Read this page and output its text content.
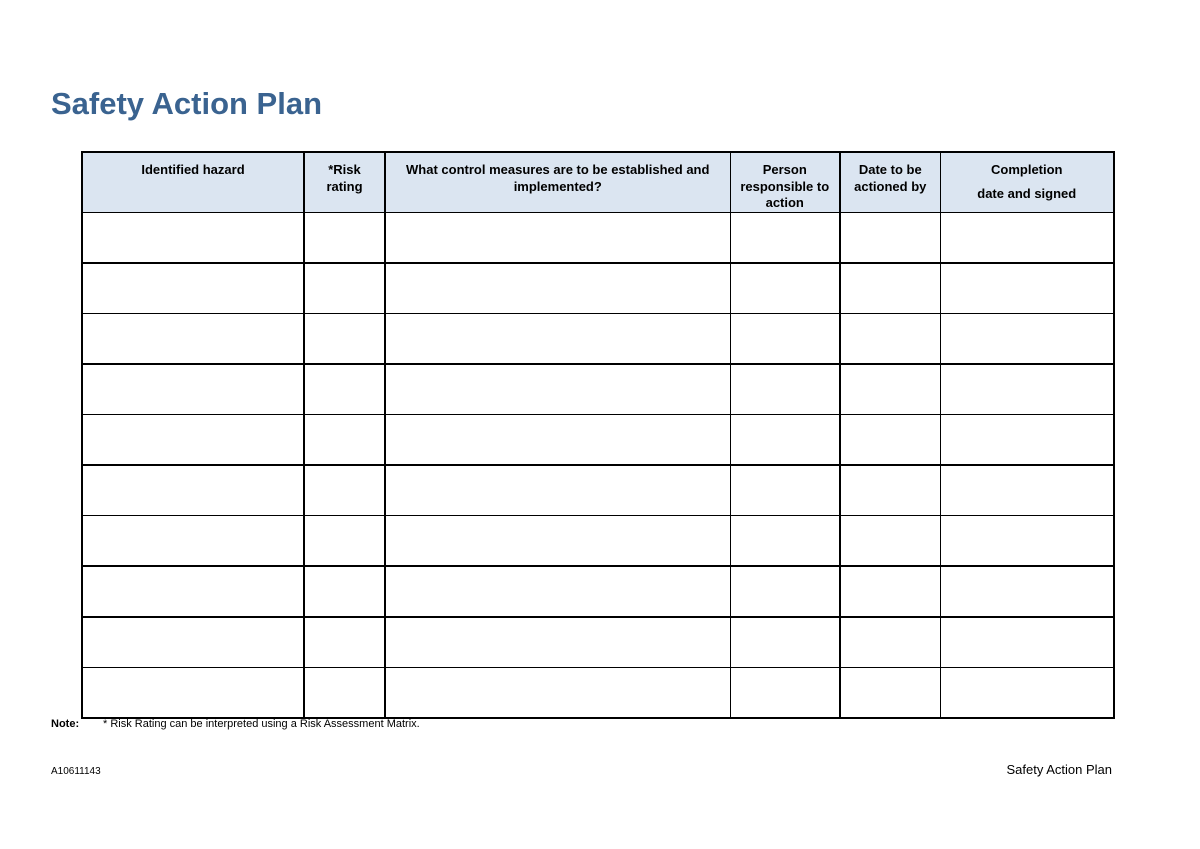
Safety Action Plan
Identified hazard	*Risk rating	What control measures are to be established and implemented?	Person responsible to action	Date to be actioned by	Completion
date and signed

Note: * Risk Rating can be interpreted using a Risk Assessment Matrix.
A10611143	Safety Action Plan
